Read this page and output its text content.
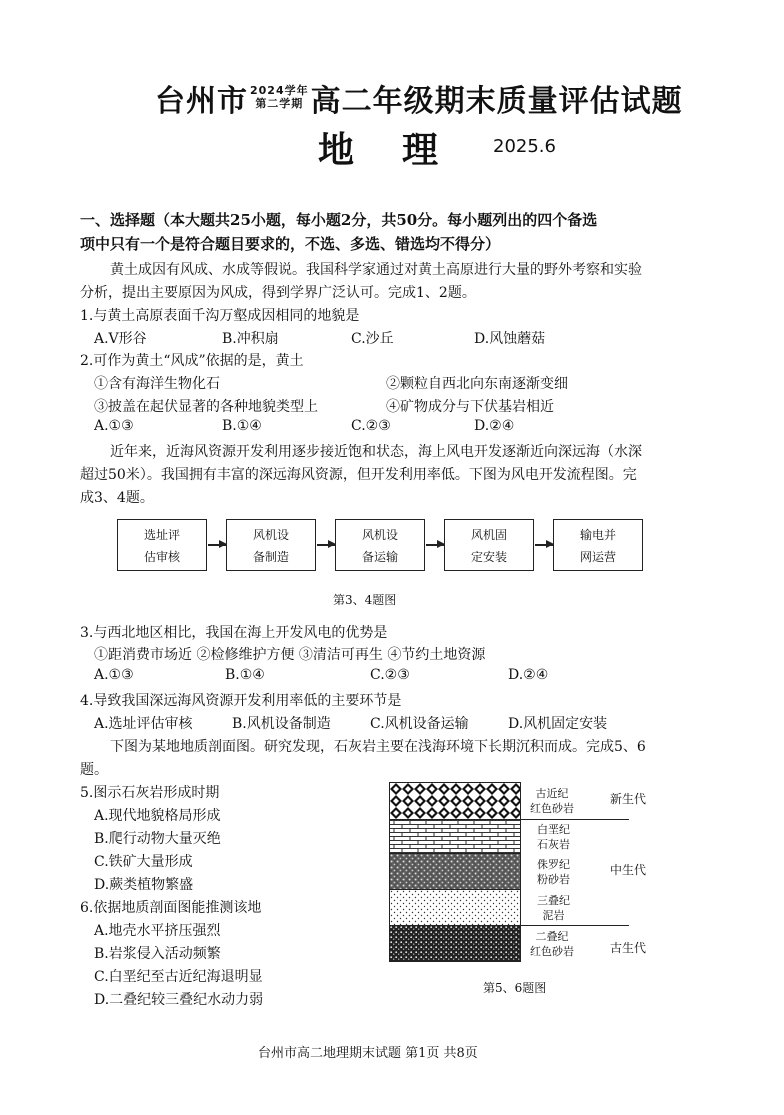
台州市 2024学年
第二学期 高二年级期末质量评估试题
地理 2025.6
一、选择题（本大题共25小题，每小题2分，共50分。每小题列出的四个备选
项中只有一个是符合题目要求的，不选、多选、错选均不得分）
黄土成因有风成、水成等假说。我国科学家通过对黄土高原进行大量的野外考察和实验
分析，提出主要原因为风成，得到学界广泛认可。完成1、2题。
1.与黄土高原表面千沟万壑成因相同的地貌是
A.V形谷	B.冲积扇	C.沙丘	D.风蚀蘑菇
2.可作为黄土“风成”依据的是，黄土
①含有海洋生物化石	②颗粒自西北向东南逐渐变细
③披盖在起伏显著的各种地貌类型上	④矿物成分与下伏基岩相近
A.①③	B.①④	C.②③	D.②④
近年来，近海风资源开发利用逐步接近饱和状态，海上风电开发逐渐近向深远海（水深
超过50米）。我国拥有丰富的深远海风资源，但开发利用率低。下图为风电开发流程图。完
成3、4题。
选址评
估审核
风机设
备制造
风机设
备运输
风机固
定安装
输电并
网运营
第3、4题图
3.与西北地区相比，我国在海上开发风电的优势是
①距消费市场近 ②检修维护方便 ③清洁可再生 ④节约土地资源
A.①③	B.①④	C.②③	D.②④
4.导致我国深远海风资源开发利用率低的主要环节是
A.选址评估审核	B.风机设备制造	C.风机设备运输	D.风机固定安装
下图为某地地质剖面图。研究发现，石灰岩主要在浅海环境下长期沉积而成。完成5、6
题。
5.图示石灰岩形成时期
A.现代地貌格局形成
B.爬行动物大量灭绝
C.铁矿大量形成
D.蕨类植物繁盛
6.依据地质剖面图能推测该地
A.地壳水平挤压强烈
B.岩浆侵入活动频繁
C.白垩纪至古近纪海退明显
D.二叠纪较三叠纪水动力弱
古近纪
红色砂岩
白垩纪
石灰岩
侏罗纪
粉砂岩
三叠纪
泥岩
二叠纪
红色砂岩
新生代
中生代
古生代
第5、6题图
台州市高二地理期末试题 第1页 共8页
